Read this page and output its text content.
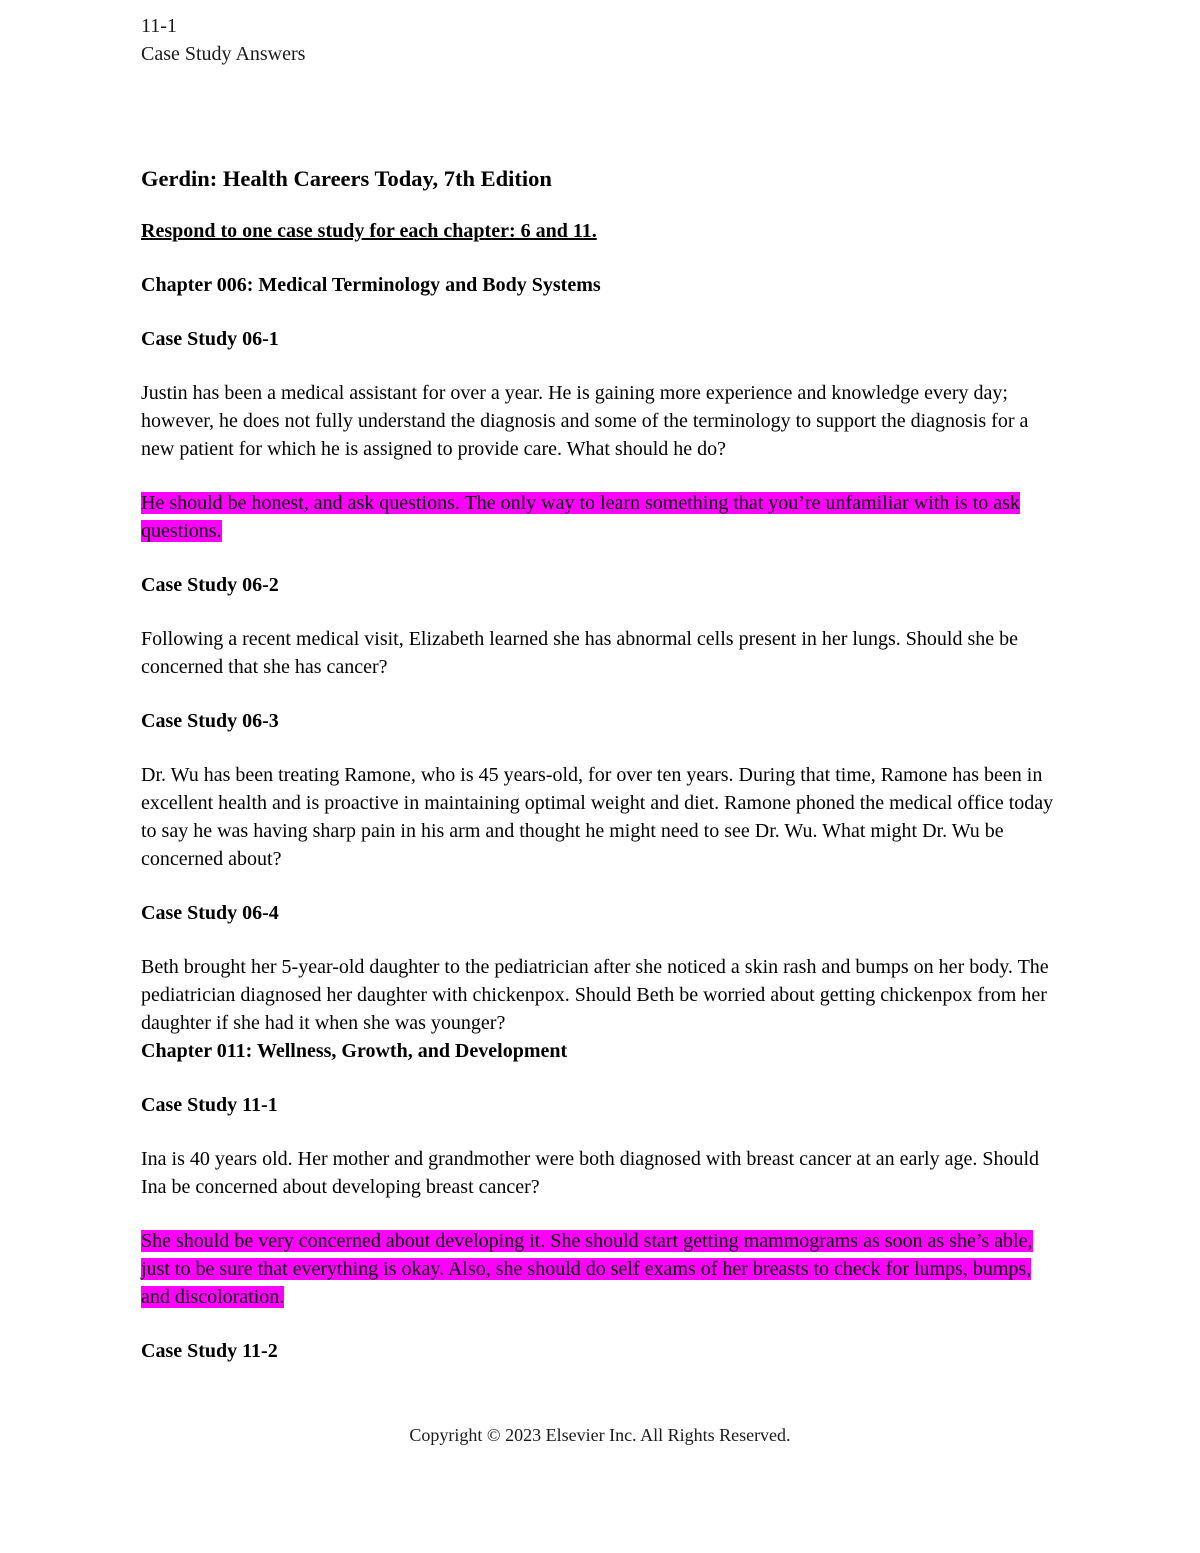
11-1
Case Study Answers
Gerdin: Health Careers Today, 7th Edition
Respond to one case study for each chapter: 6 and 11.
Chapter 006: Medical Terminology and Body Systems
Case Study 06-1
Justin has been a medical assistant for over a year. He is gaining more experience and knowledge every day; however, he does not fully understand the diagnosis and some of the terminology to support the diagnosis for a new patient for which he is assigned to provide care. What should he do?
He should be honest, and ask questions. The only way to learn something that you’re unfamiliar with is to ask questions.
Case Study 06-2
Following a recent medical visit, Elizabeth learned she has abnormal cells present in her lungs. Should she be concerned that she has cancer?
Case Study 06-3
Dr. Wu has been treating Ramone, who is 45 years-old, for over ten years. During that time, Ramone has been in excellent health and is proactive in maintaining optimal weight and diet. Ramone phoned the medical office today to say he was having sharp pain in his arm and thought he might need to see Dr. Wu. What might Dr. Wu be concerned about?
Case Study 06-4
Beth brought her 5-year-old daughter to the pediatrician after she noticed a skin rash and bumps on her body. The pediatrician diagnosed her daughter with chickenpox. Should Beth be worried about getting chickenpox from her daughter if she had it when she was younger?
Chapter 011: Wellness, Growth, and Development
Case Study 11-1
Ina is 40 years old. Her mother and grandmother were both diagnosed with breast cancer at an early age. Should Ina be concerned about developing breast cancer?
She should be very concerned about developing it. She should start getting mammograms as soon as she’s able, just to be sure that everything is okay. Also, she should do self exams of her breasts to check for lumps, bumps, and discoloration.
Case Study 11-2
Copyright © 2023 Elsevier Inc. All Rights Reserved.
